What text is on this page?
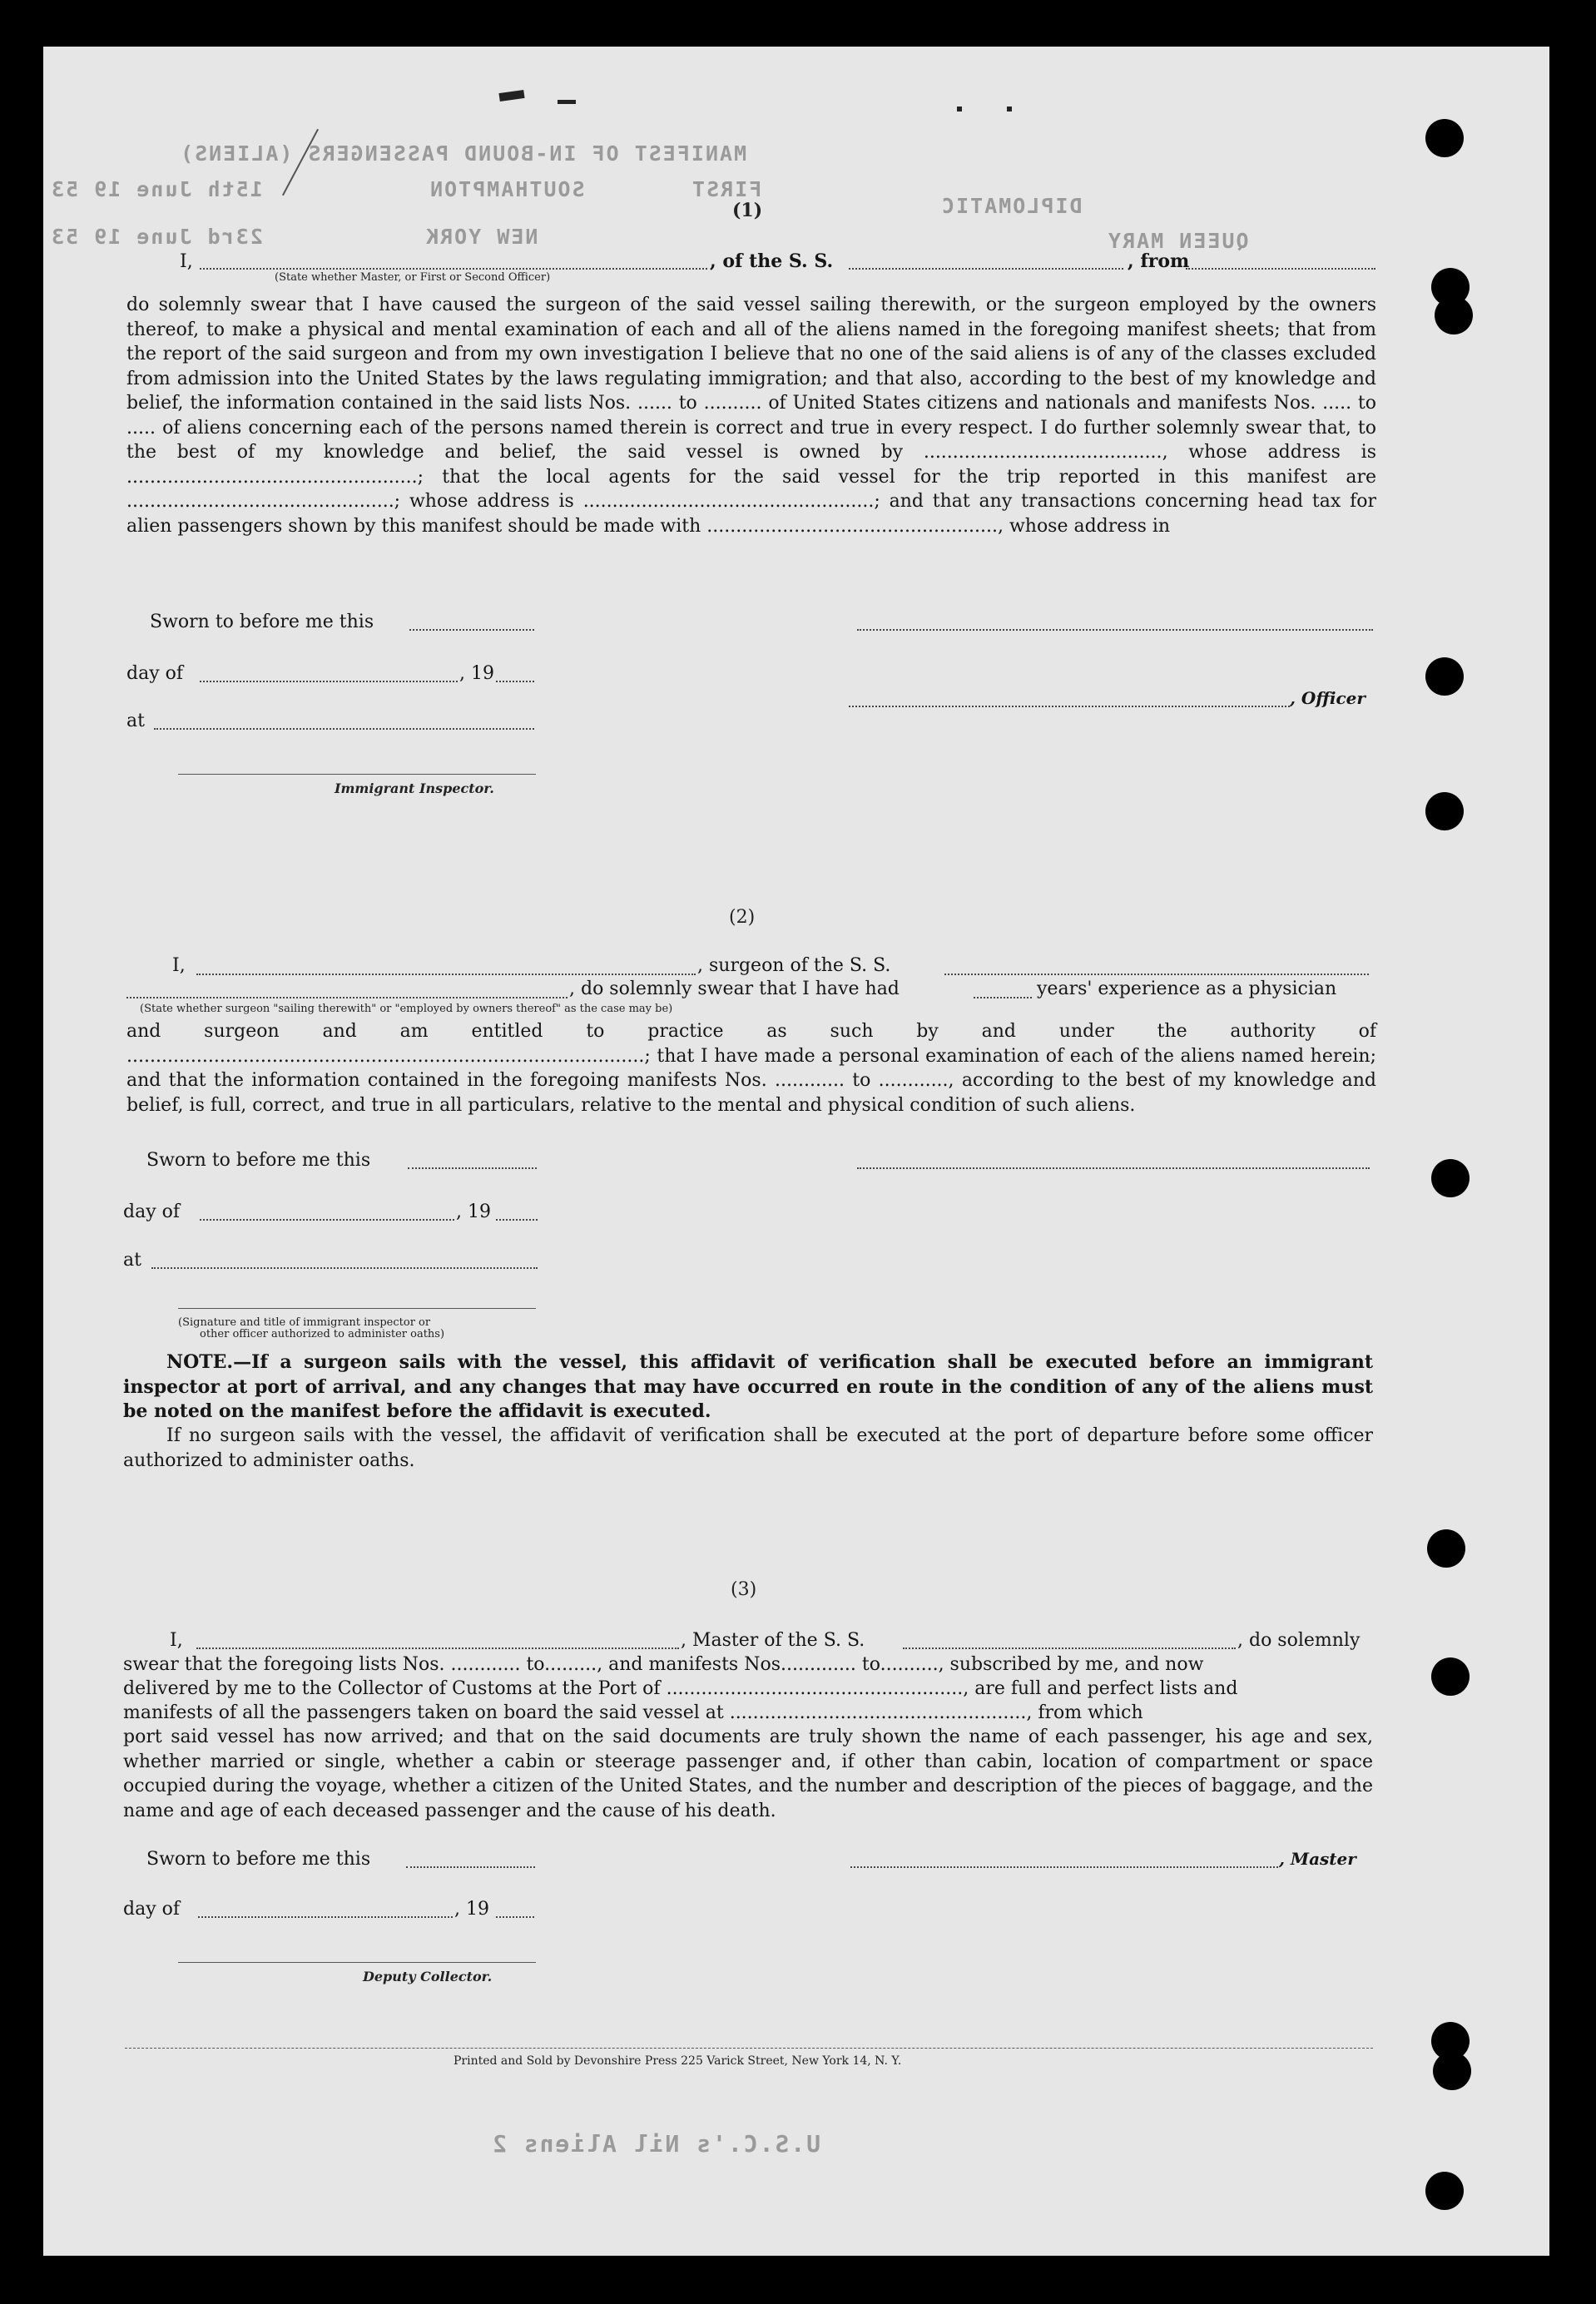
MANIFEST OF IN-BOUND PASSENGERS (ALIENS)
15th June 19 53	SOUTHAMPTON	FIRST
DIPLOMATIC
23rd June 19 53	NEW YORK	QUEEN MARY
(1)
I,	, of the S. S.	, from
(State whether Master, or First or Second Officer)
do solemnly swear that I have caused the surgeon of the said vessel sailing therewith, or the surgeon employed by the owners thereof, to make a physical and mental examination of each and all of the aliens named in the foregoing manifest sheets; that from the report of the said surgeon and from my own investigation I believe that no one of the said aliens is of any of the classes excluded from admission into the United States by the laws regulating immigration; and that also, according to the best of my knowledge and belief, the information contained in the said lists Nos. ...... to .......... of United States citizens and nationals and manifests Nos. ..... to ..... of aliens concerning each of the persons named therein is correct and true in every respect. I do further solemnly swear that, to the best of my knowledge and belief, the said vessel is owned by ........................................., whose address is ..................................................; that the local agents for the said vessel for the trip reported in this manifest are ..............................................; whose address is ..................................................; and that any transactions concerning head tax for alien passengers shown by this manifest should be made with .................................................., whose address in
Sworn to before me this
day of	, 19
, Officer
at
Immigrant Inspector.
(2)
I,	, surgeon of the S. S.
, do solemnly swear that I have had	years' experience as a physician
(State whether surgeon "sailing therewith" or "employed by owners thereof" as the case may be)
and surgeon and am entitled to practice as such by and under the authority of .........................................................................................; that I have made a personal examination of each of the aliens named herein; and that the information contained in the foregoing manifests Nos. ............ to ............, according to the best of my knowledge and belief, is full, correct, and true in all particulars, relative to the mental and physical condition of such aliens.
Sworn to before me this
day of	, 19
at
(Signature and title of immigrant inspector or
other officer authorized to administer oaths)
NOTE.—If a surgeon sails with the vessel, this affidavit of verification shall be executed before an immigrant inspector at port of arrival, and any changes that may have occurred en route in the condition of any of the aliens must be noted on the manifest before the affidavit is executed.
If no surgeon sails with the vessel, the affidavit of verification shall be executed at the port of departure before some officer authorized to administer oaths.
(3)
I,	, Master of the S. S.	, do solemnly
swear that the foregoing lists Nos. ............ to........., and manifests Nos............. to.........., subscribed by me, and now
delivered by me to the Collector of Customs at the Port of ..................................................., are full and perfect lists and
manifests of all the passengers taken on board the said vessel at ..................................................., from which
port said vessel has now arrived; and that on the said documents are truly shown the name of each passenger, his age and sex, whether married or single, whether a cabin or steerage passenger and, if other than cabin, location of compartment or space occupied during the voyage, whether a citizen of the United States, and the number and description of the pieces of baggage, and the name and age of each deceased passenger and the cause of his death.
Sworn to before me this	, Master
day of	, 19
Deputy Collector.
Printed and Sold by Devonshire Press 225 Varick Street, New York 14, N. Y.
U.S.C.'s Nil Aliens 2
